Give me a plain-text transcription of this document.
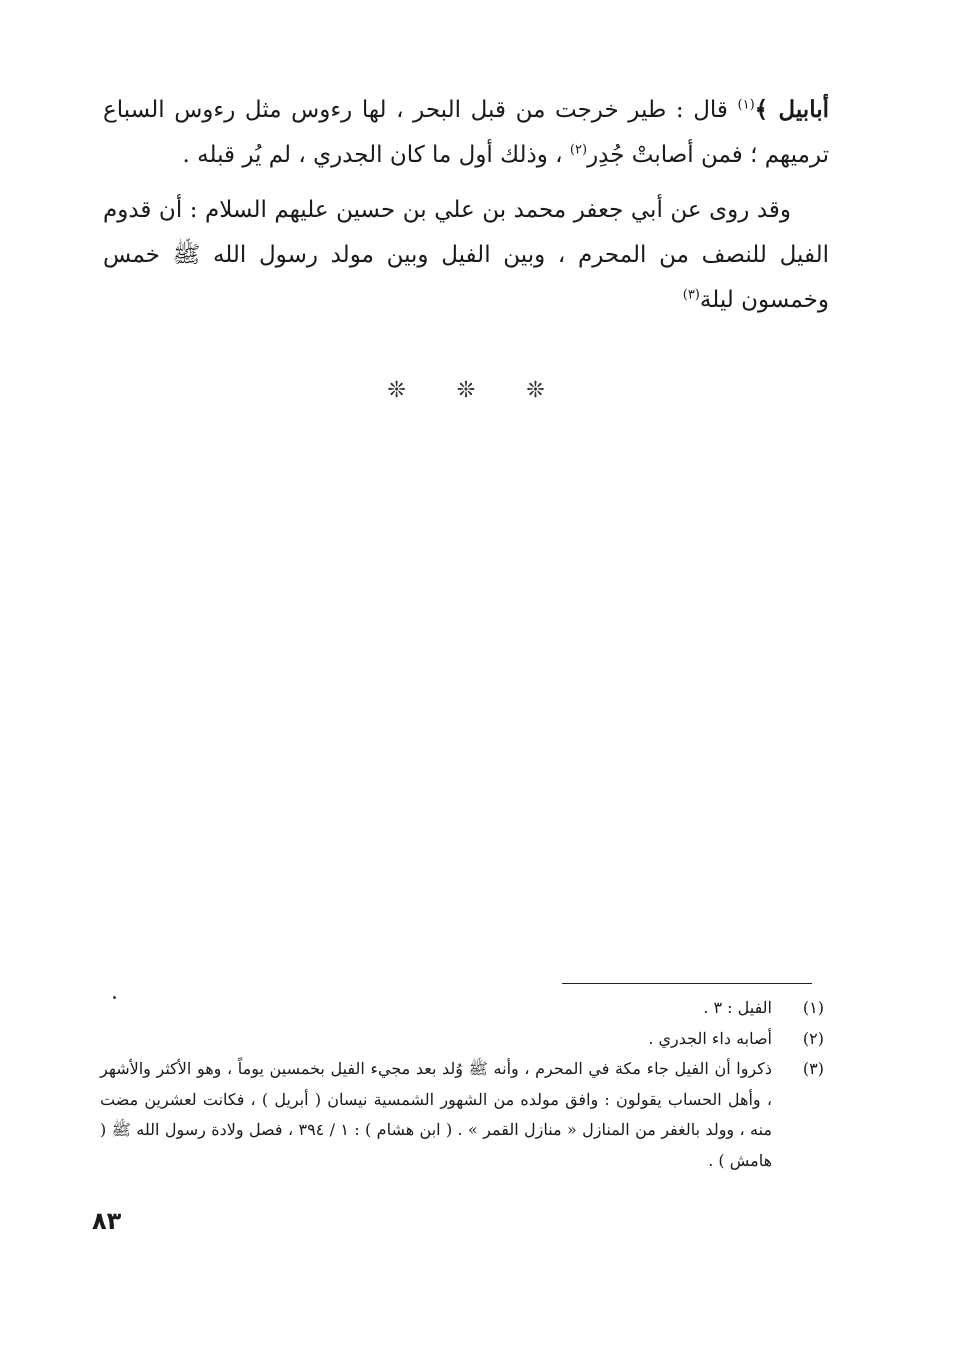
أبابيل ﴾$^{(١)}$ قال : طير خرجت من قبل البحر ، لها رءوس مثل رءوس السباع ترميهم ؛ فمن أصابتْ جُدِر$^{(٢)}$ ، وذلك أول ما كان الجدري ، لم يُر قبله .
وقد روى عن أبي جعفر محمد بن علي بن حسين عليهم السلام : أن قدوم الفيل للنصف من المحرم ، وبين الفيل وبين مولد رسول الله ﷺ خمس وخمسون ليلة$^{(٣)}$
❊ ❊ ❊
(١)
الفيل : ٣ .
(٢)
أصابه داء الجدري .
(٣)
ذكروا أن الفيل جاء مكة في المحرم ، وأنه ﷺ وُلد بعد مجيء الفيل بخمسين يوماً ، وهو الأكثر والأشهر ، وأهل الحساب يقولون : وافق مولده من الشهور الشمسية نيسان ( أبريل ) ، فكانت لعشرين مضت منه ، وولد بالغفر من المنازل « منازل القمر » . ( ابن هشام ) : ١ / ٣٩٤ ، فصل ولادة رسول الله ﷺ ( هامش ) .
٨٣
